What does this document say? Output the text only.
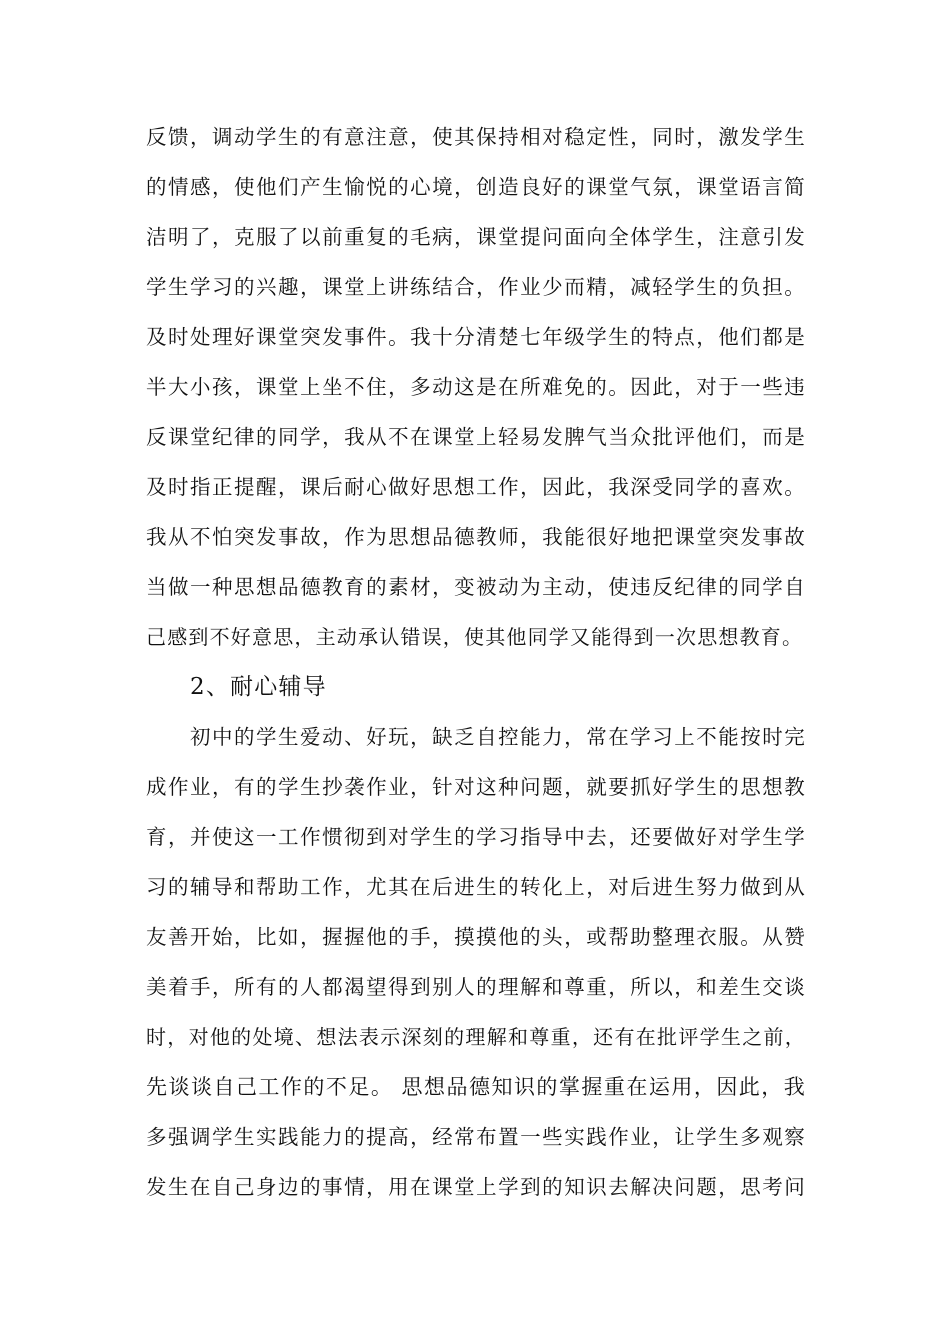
反馈，调动学生的有意注意，使其保持相对稳定性，同时，激发学生
的情感，使他们产生愉悦的心境，创造良好的课堂气氛，课堂语言简
洁明了，克服了以前重复的毛病，课堂提问面向全体学生，注意引发
学生学习的兴趣，课堂上讲练结合，作业少而精，减轻学生的负担。
及时处理好课堂突发事件。我十分清楚七年级学生的特点，他们都是
半大小孩，课堂上坐不住，多动这是在所难免的。因此，对于一些违
反课堂纪律的同学，我从不在课堂上轻易发脾气当众批评他们，而是
及时指正提醒，课后耐心做好思想工作，因此，我深受同学的喜欢。
我从不怕突发事故，作为思想品德教师，我能很好地把课堂突发事故
当做一种思想品德教育的素材，变被动为主动，使违反纪律的同学自
己感到不好意思，主动承认错误，使其他同学又能得到一次思想教育。
2、耐心辅导
初中的学生爱动、好玩，缺乏自控能力，常在学习上不能按时完
成作业，有的学生抄袭作业，针对这种问题，就要抓好学生的思想教
育，并使这一工作惯彻到对学生的学习指导中去，还要做好对学生学
习的辅导和帮助工作，尤其在后进生的转化上，对后进生努力做到从
友善开始，比如，握握他的手，摸摸他的头，或帮助整理衣服。从赞
美着手，所有的人都渴望得到别人的理解和尊重，所以，和差生交谈
时，对他的处境、想法表示深刻的理解和尊重，还有在批评学生之前，
先谈谈自己工作的不足。 思想品德知识的掌握重在运用，因此，我
多强调学生实践能力的提高，经常布置一些实践作业，让学生多观察
发生在自己身边的事情，用在课堂上学到的知识去解决问题，思考问
